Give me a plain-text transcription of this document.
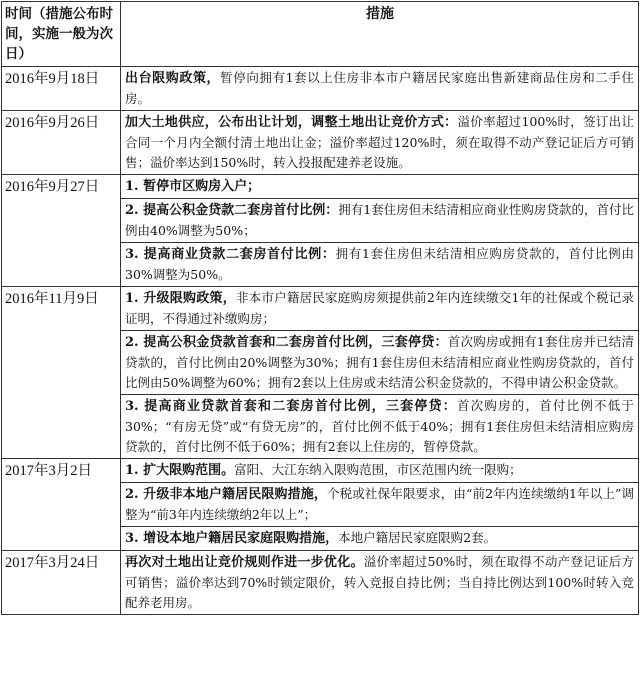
时间（措施公布时间，实施一般为次日）	措施
2016年9月18日	出台限购政策，暂停向拥有1套以上住房非本市户籍居民家庭出售新建商品住房和二手住房。

2016年9月26日	加大土地供应，公布出让计划，调整土地出让竞价方式：溢价率超过100%时，签订出让合同一个月内全额付清土地出让金；溢价率超过120%时，须在取得不动产登记证后方可销售；溢价率达到150%时，转入投报配建养老设施。

2016年9月27日	1. 暂停市区购房入户；
2. 提高公积金贷款二套房首付比例：拥有1套住房但未结清相应商业性购房贷款的，首付比例由40%调整为50%；
3. 提高商业贷款二套房首付比例：拥有1套住房但未结清相应购房贷款的，首付比例由30%调整为50%。

2016年11月9日	1. 升级限购政策，非本市户籍居民家庭购房须提供前2年内连续缴交1年的社保或个税记录证明，不得通过补缴购房；
2. 提高公积金贷款首套和二套房首付比例，三套停贷：首次购房或拥有1套住房并已结清贷款的，首付比例由20%调整为30%；拥有1套住房但未结清相应商业性购房贷款的，首付比例由50%调整为60%；拥有2套以上住房或未结清公积金贷款的，不得申请公积金贷款。
3. 提高商业贷款首套和二套房首付比例，三套停贷：首次购房的，首付比例不低于30%；“有房无贷”或“有贷无房”的，首付比例不低于40%；拥有1套住房但未结清相应购房贷款的，首付比例不低于60%；拥有2套以上住房的，暂停贷款。

2017年3月2日	1. 扩大限购范围。富阳、大江东纳入限购范围，市区范围内统一限购；
2. 升级非本地户籍居民限购措施，个税或社保年限要求，由“前2年内连续缴纳1年以上”调整为“前3年内连续缴纳2年以上”；
3. 增设本地户籍居民家庭限购措施，本地户籍居民家庭限购2套。

2017年3月24日	再次对土地出让竞价规则作进一步优化。溢价率超过50%时，须在取得不动产登记证后方可销售；溢价率达到70%时锁定限价，转入竞报自持比例；当自持比例达到100%时转入竞配养老用房。
